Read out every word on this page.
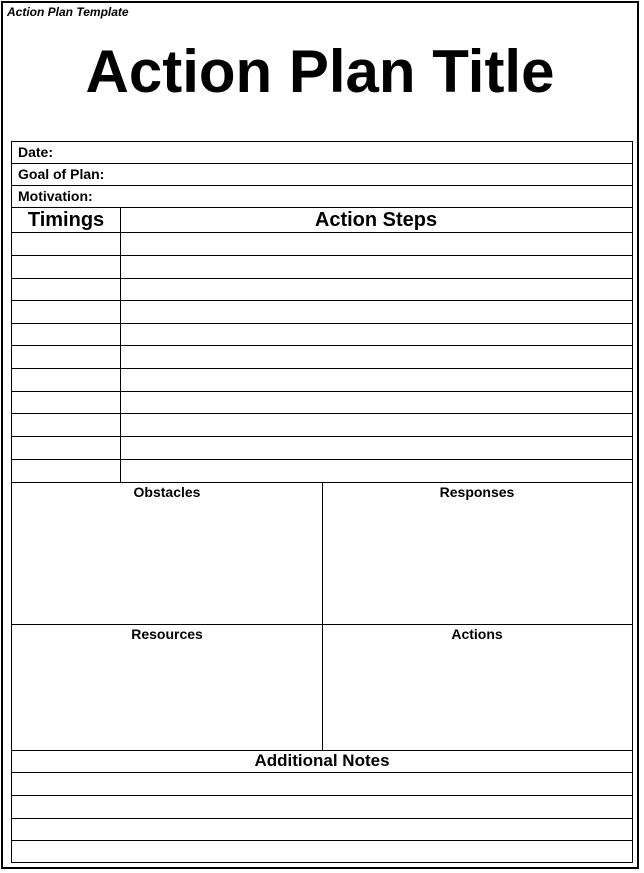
Action Plan Template
Action Plan Title
Date:
Goal of Plan:
Motivation:
Timings	Action Steps
Obstacles	Responses
Resources	Actions
Additional Notes
